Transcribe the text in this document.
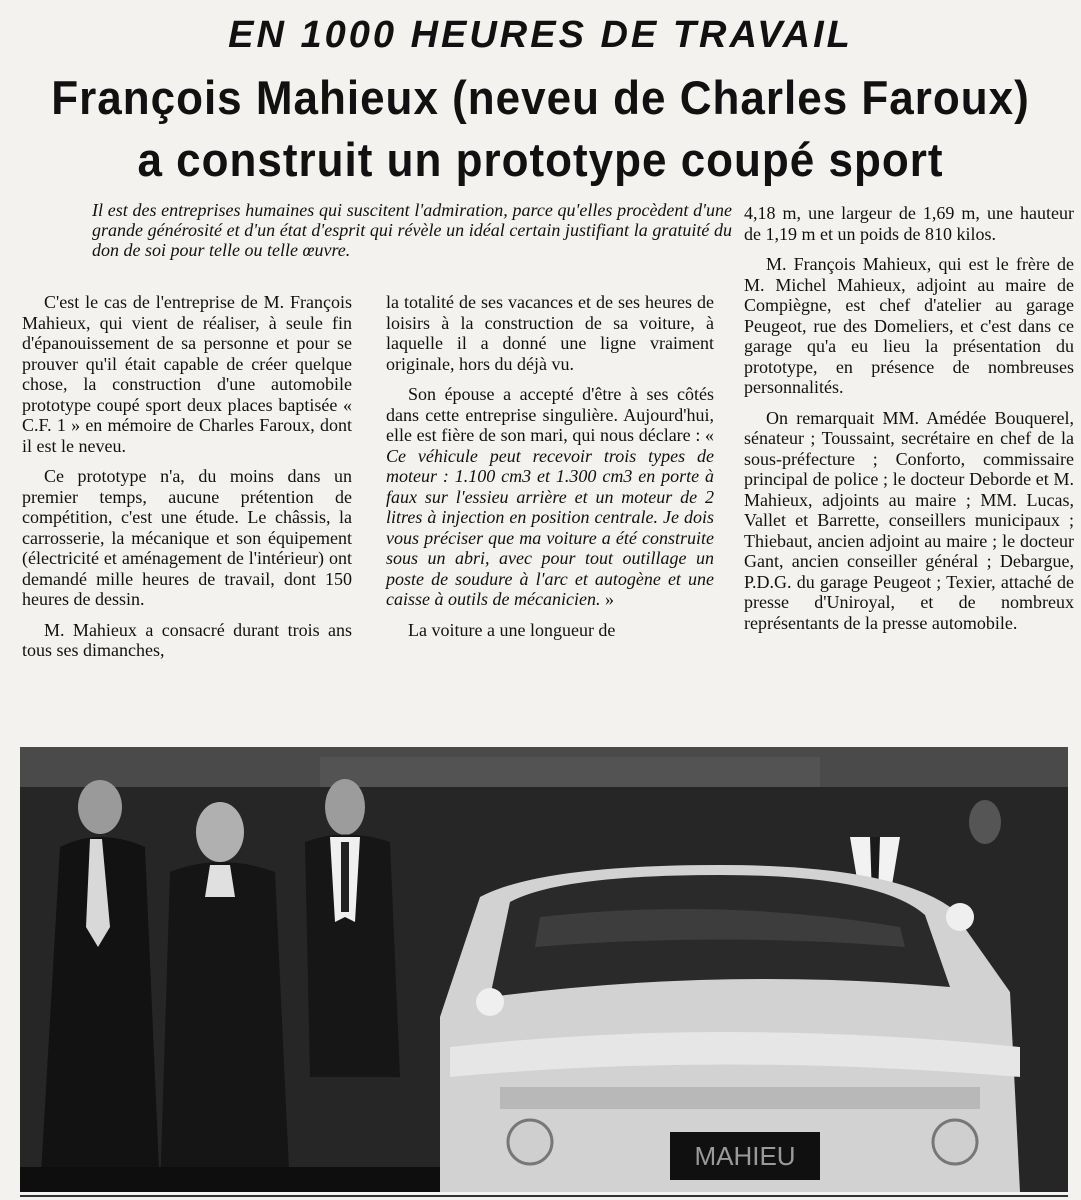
EN 1000 HEURES DE TRAVAIL
François Mahieux (neveu de Charles Faroux)
a construit un prototype coupé sport
Il est des entreprises humaines qui suscitent l'admiration, parce qu'elles procèdent d'une grande générosité et d'un état d'esprit qui révèle un idéal certain justifiant la gratuité du don de soi pour telle ou telle œuvre.

C'est le cas de l'entreprise de M. François Mahieux, qui vient de réaliser, à seule fin d'épanouissement de sa personne et pour se prouver qu'il était capable de créer quelque chose, la construction d'une automobile prototype coupé sport deux places baptisée « C.F. 1 » en mémoire de Charles Faroux, dont il est le neveu.

Ce prototype n'a, du moins dans un premier temps, aucune prétention de compétition, c'est une étude. Le châssis, la carrosserie, la mécanique et son équipement (électricité et aménagement de l'intérieur) ont demandé mille heures de travail, dont 150 heures de dessin.

M. Mahieux a consacré durant trois ans tous ses dimanches,

la totalité de ses vacances et de ses heures de loisirs à la construction de sa voiture, à laquelle il a donné une ligne vraiment originale, hors du déjà vu.

Son épouse a accepté d'être à ses côtés dans cette entreprise singulière. Aujourd'hui, elle est fière de son mari, qui nous déclare : « Ce véhicule peut recevoir trois types de moteur : 1.100 cm3 et 1.300 cm3 en porte à faux sur l'essieu arrière et un moteur de 2 litres à injection en position centrale. Je dois vous préciser que ma voiture a été construite sous un abri, avec pour tout outillage un poste de soudure à l'arc et autogène et une caisse à outils de mécanicien. »

La voiture a une longueur de

4,18 m, une largeur de 1,69 m, une hauteur de 1,19 m et un poids de 810 kilos.

M. François Mahieux, qui est le frère de M. Michel Mahieux, adjoint au maire de Compiègne, est chef d'atelier au garage Peugeot, rue des Domeliers, et c'est dans ce garage qu'a eu lieu la présentation du prototype, en présence de nombreuses personnalités.

On remarquait MM. Amédée Bouquerel, sénateur ; Toussaint, secrétaire en chef de la sous-préfecture ; Conforto, commissaire principal de police ; le docteur Deborde et M. Mahieux, adjoints au maire ; MM. Lucas, Vallet et Barrette, conseillers municipaux ; Thiebaut, ancien adjoint au maire ; le docteur Gant, ancien conseiller général ; Debargue, P.D.G. du garage Peugeot ; Texier, attaché de presse d'Uniroyal, et de nombreux représentants de la presse automobile.

MAHIEU
